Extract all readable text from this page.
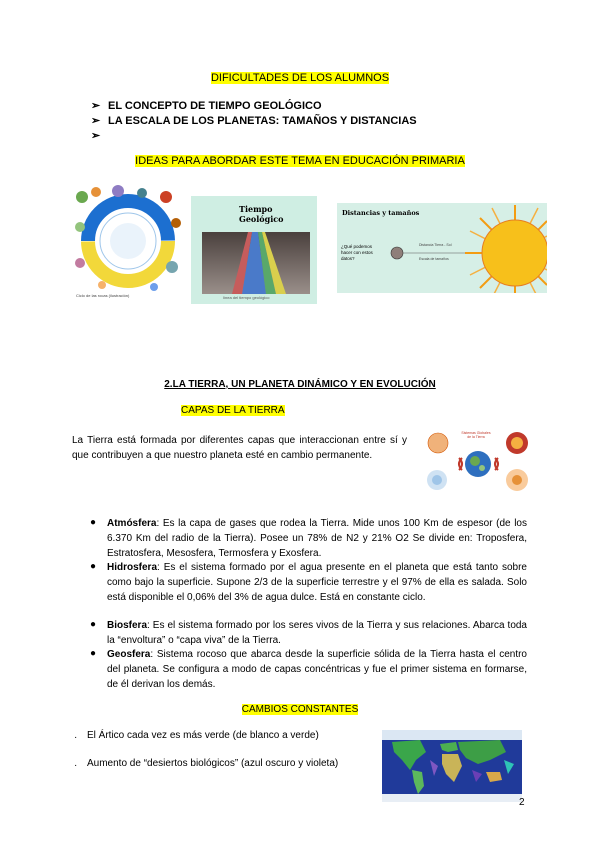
DIFICULTADES DE LOS ALUMNOS
➢ EL CONCEPTO DE TIEMPO GEOLÓGICO
➢ LA ESCALA DE LOS PLANETAS: TAMAÑOS Y DISTANCIAS
➢
IDEAS PARA ABORDAR ESTE TEMA EN EDUCACIÓN PRIMARIA
Ciclo de las rocas (ilustración)
Tiempo Geológico
línea del tiempo geológico
Distancias y tamaños
¿Qué podemos hacer con estos datos?
Distancia Tierra - Sol
Escala de tamaños
2.LA TIERRA, UN PLANETA DINÁMICO Y EN EVOLUCIÓN
CAPAS DE LA TIERRA
La Tierra está formada por diferentes capas que interaccionan entre sí y que contribuyen a que nuestro planeta esté en cambio permanente.
Sistemas Globales de la Tierra
● Atmósfera: Es la capa de gases que rodea la Tierra. Mide unos 100 Km de espesor (de los 6.370 Km del radio de la Tierra). Posee un 78% de N2 y 21% O2 Se divide en: Troposfera, Estratosfera, Mesosfera, Termosfera y Exosfera.
● Hidrosfera: Es el sistema formado por el agua presente en el planeta que está tanto sobre como bajo la superficie. Supone 2/3 de la superficie terrestre y el 97% de ella es salada. Solo está disponible el 0,06% del 3% de agua dulce. Está en constante ciclo.
● Biosfera: Es el sistema formado por los seres vivos de la Tierra y sus relaciones. Abarca toda la “envoltura” o “capa viva” de la Tierra.
● Geosfera: Sistema rocoso que abarca desde la superficie sólida de la Tierra hasta el centro del planeta. Se configura a modo de capas concéntricas y fue el primer sistema en formarse, de él derivan los demás.
CAMBIOS CONSTANTES
· El Ártico cada vez es más verde (de blanco a verde)
· Aumento de “desiertos biológicos” (azul oscuro y violeta)
2
